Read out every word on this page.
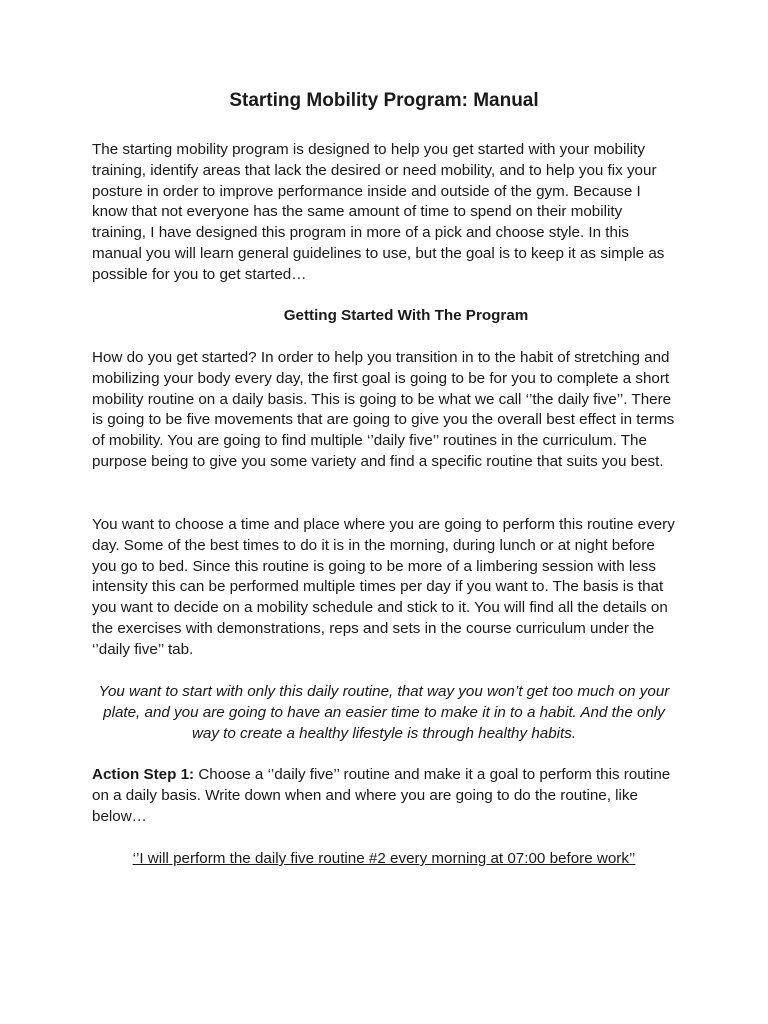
Starting Mobility Program: Manual

The starting mobility program is designed to help you get started with your mobility training, identify areas that lack the desired or need mobility, and to help you fix your posture in order to improve performance inside and outside of the gym. Because I know that not everyone has the same amount of time to spend on their mobility training, I have designed this program in more of a pick and choose style. In this manual you will learn general guidelines to use, but the goal is to keep it as simple as possible for you to get started…

Getting Started With The Program

How do you get started? In order to help you transition in to the habit of stretching and mobilizing your body every day, the first goal is going to be for you to complete a short mobility routine on a daily basis. This is going to be what we call ‘’the daily five’’. There is going to be five movements that are going to give you the overall best effect in terms of mobility. You are going to find multiple ‘’daily five’’ routines in the curriculum. The purpose being to give you some variety and find a specific routine that suits you best.

You want to choose a time and place where you are going to perform this routine every day. Some of the best times to do it is in the morning, during lunch or at night before you go to bed. Since this routine is going to be more of a limbering session with less intensity this can be performed multiple times per day if you want to. The basis is that you want to decide on a mobility schedule and stick to it. You will find all the details on the exercises with demonstrations, reps and sets in the course curriculum under the ‘’daily five’’ tab.

You want to start with only this daily routine, that way you won’t get too much on your plate, and you are going to have an easier time to make it in to a habit. And the only way to create a healthy lifestyle is through healthy habits.

Action Step 1: Choose a ‘’daily five’’ routine and make it a goal to perform this routine on a daily basis. Write down when and where you are going to do the routine, like below…

‘’I will perform the daily five routine #2 every morning at 07:00 before work’’
